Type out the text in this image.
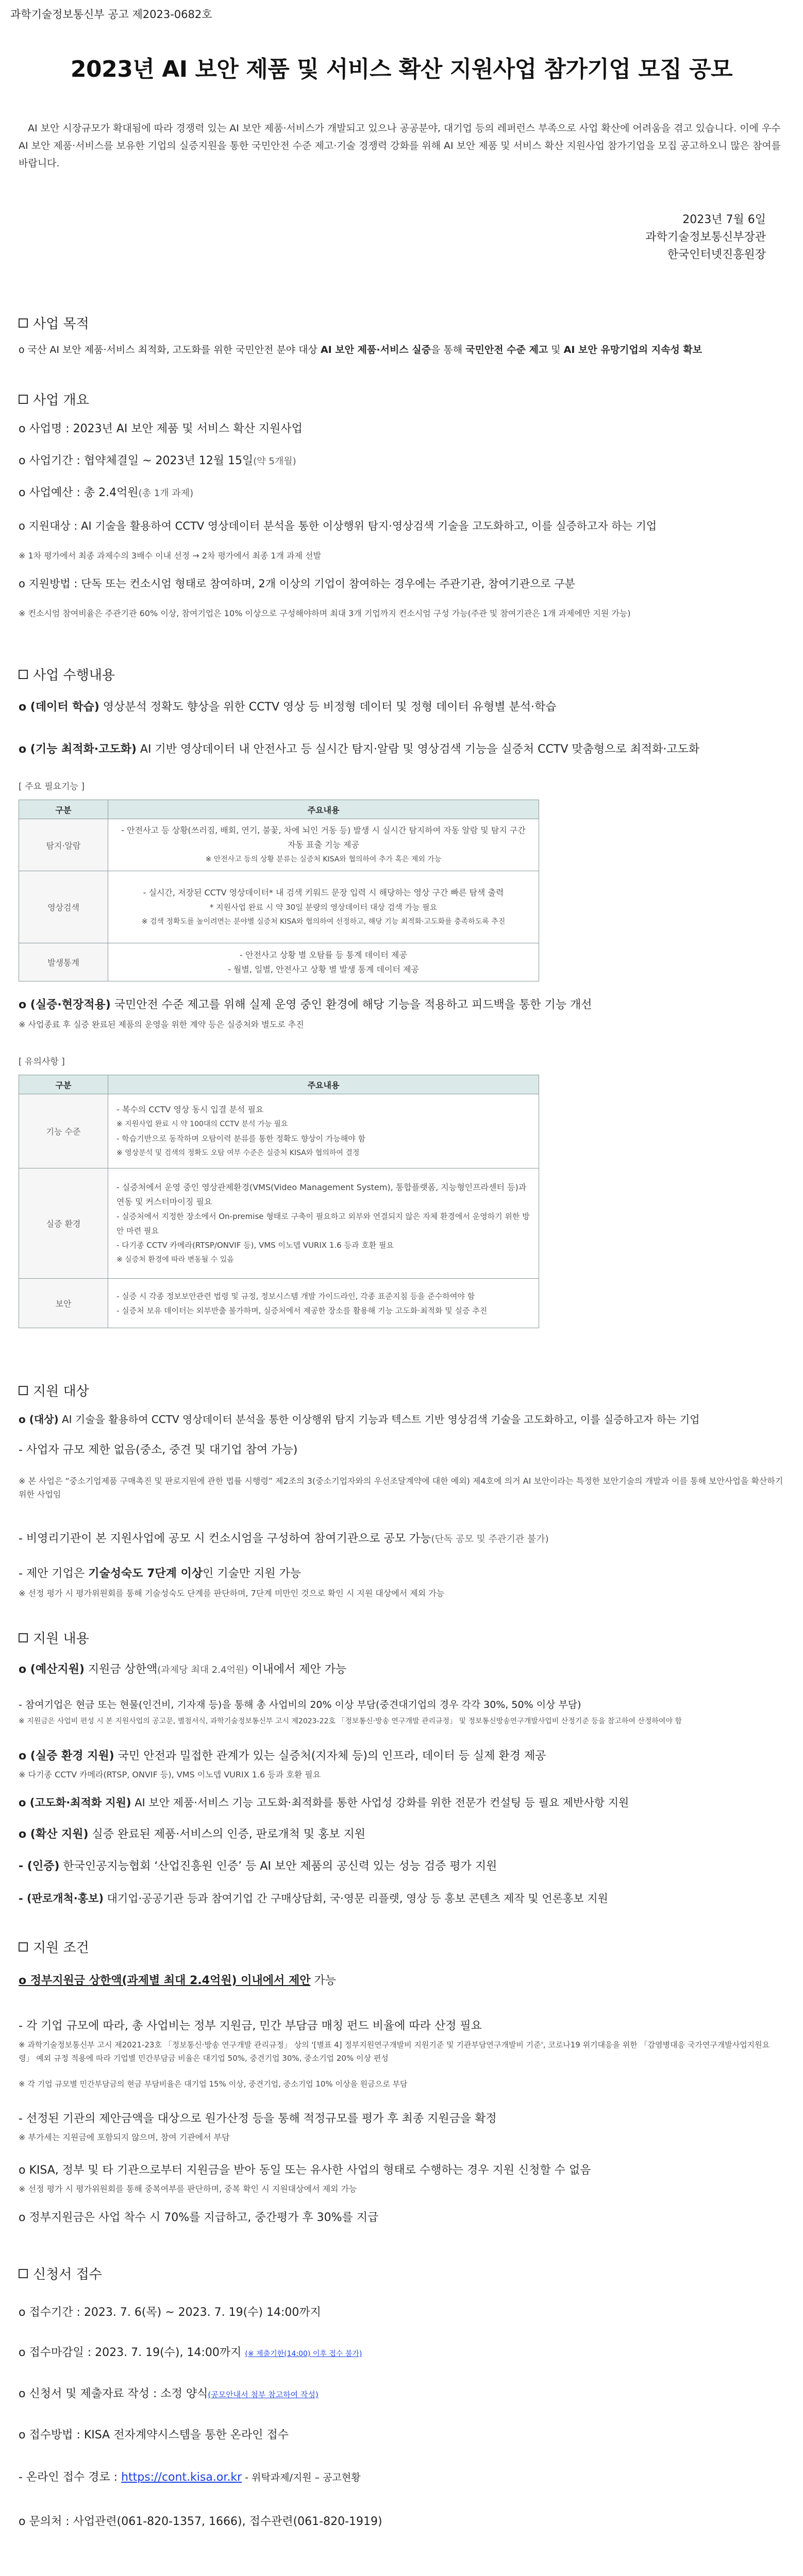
과학기술정보통신부 공고 제2023-0682호
2023년 AI 보안 제품 및 서비스 확산 지원사업 참가기업 모집 공모
AI 보안 시장규모가 확대됨에 따라 경쟁력 있는 AI 보안 제품·서비스가 개발되고 있으나 공공분야, 대기업 등의 레퍼런스 부족으로 사업 확산에 어려움을 겪고 있습니다. 이에 우수 AI 보안 제품·서비스를 보유한 기업의 실증지원을 통한 국민안전 수준 제고·기술 경쟁력 강화를 위해 AI 보안 제품 및 서비스 확산 지원사업 참가기업을 모집 공고하오니 많은 참여를 바랍니다.
2023년 7월 6일
과학기술정보통신부장관
한국인터넷진흥원장
사업 목적
o 국산 AI 보안 제품·서비스 최적화, 고도화를 위한 국민안전 분야 대상 AI 보안 제품·서비스 실증을 통해 국민안전 수준 제고 및 AI 보안 유망기업의 지속성 확보
사업 개요
o 사업명 : 2023년 AI 보안 제품 및 서비스 확산 지원사업
o 사업기간 : 협약체결일 ~ 2023년 12월 15일(약 5개월)
o 사업예산 : 총 2.4억원(총 1개 과제)
o 지원대상 : AI 기술을 활용하여 CCTV 영상데이터 분석을 통한 이상행위 탐지·영상검색 기술을 고도화하고, 이를 실증하고자 하는 기업
※ 1차 평가에서 최종 과제수의 3배수 이내 선정 → 2차 평가에서 최종 1개 과제 선발
o 지원방법 : 단독 또는 컨소시엄 형태로 참여하며, 2개 이상의 기업이 참여하는 경우에는 주관기관, 참여기관으로 구분
※ 컨소시엄 참여비율은 주관기관 60% 이상, 참여기업은 10% 이상으로 구성해야하며 최대 3개 기업까지 컨소시엄 구성 가능(주관 및 참여기관은 1개 과제에만 지원 가능)
사업 수행내용
o (데이터 학습) 영상분석 정확도 향상을 위한 CCTV 영상 등 비정형 데이터 및 정형 데이터 유형별 분석·학습
o (기능 최적화·고도화) AI 기반 영상데이터 내 안전사고 등 실시간 탐지·알람 및 영상검색 기능을 실증처 CCTV 맞춤형으로 최적화·고도화
[ 주요 필요기능 ]
구분	주요내용
탐지·알람	- 안전사고 등 상황(쓰러짐, 배회, 연기, 불꽃, 차에 뇌인 거동 등) 발생 시 실시간 탐지하여 자동 알람 및 탐지 구간 자동 표출 기능 제공
※ 안전사고 등의 상황 분류는 실증처 KISA와 협의하여 추가 혹은 제외 가능

영상검색	- 실시간, 저장된 CCTV 영상데이터* 내 검색 키워드 문장 입력 시 해당하는 영상 구간 빠른 탐색 출력
* 지원사업 완료 시 약 30일 분량의 영상데이터 대상 검색 가능 필요
※ 검색 정확도를 높이려면는 분야별 실증처 KISA와 협의하여 선정하고, 해당 기능 최적화·고도화를 충족하도록 추진

발생통계	- 안전사고 상황 별 오탐률 등 통계 데이터 제공
- 월별, 일별, 안전사고 상황 별 발생 통계 데이터 제공
o (실증·현장적용) 국민안전 수준 제고를 위해 실제 운영 중인 환경에 해당 기능을 적용하고 피드백을 통한 기능 개선
※ 사업종료 후 실증 완료된 제품의 운영을 위한 계약 등은 실증처와 별도로 추진
[ 유의사항 ]
구분	주요내용
기능 수준	- 복수의 CCTV 영상 동시 입결 분석 필요
※ 지원사업 완료 시 약 100대의 CCTV 분석 가능 필요
- 학습기반으로 동작하며 오탐이력 분류를 통한 정확도 향상이 가능해야 함
※ 영상분석 및 검색의 정확도 오탐 여부 수준은 실증처 KISA와 협의하여 결정

실증 환경	- 실증처에서 운영 중인 영상관제환경(VMS(Video Management System), 통합플랫폼, 지능형인프라센터 등)과 연동 및 커스터마이징 필요
- 실증처에서 지정한 장소에서 On-premise 형태로 구축이 필요하고 외부와 연결되지 않은 자체 환경에서 운영하기 위한 방안 마련 필요
- 다기종 CCTV 카메라(RTSP/ONVIF 등), VMS 이노뎁 VURIX 1.6 등과 호환 필요
※ 실증처 환경에 따라 변동될 수 있음

보안	- 실증 시 각종 정보보안관련 법령 및 규정, 정보시스템 개발 가이드라인, 각종 표준지침 등을 준수하여야 함
- 실증처 보유 데이터는 외부반출 불가하며, 실증처에서 제공한 장소를 활용해 기능 고도화·최적화 및 실증 추진
지원 대상
o (대상) AI 기술을 활용하여 CCTV 영상데이터 분석을 통한 이상행위 탐지 기능과 텍스트 기반 영상검색 기술을 고도화하고, 이를 실증하고자 하는 기업
- 사업자 규모 제한 없음(중소, 중견 및 대기업 참여 가능)
※ 본 사업은 “중소기업제품 구매촉진 및 판로지원에 관한 법률 시행령” 제2조의 3(중소기업자와의 우선조달계약에 대한 예외) 제4호에 의거 AI 보안이라는 특정한 보안기술의 개발과 이를 통해 보안사업을 확산하기 위한 사업임
- 비영리기관이 본 지원사업에 공모 시 컨소시엄을 구성하여 참여기관으로 공모 가능(단독 공모 및 주관기관 불가)
- 제안 기업은 기술성숙도 7단계 이상인 기술만 지원 가능
※ 선정 평가 시 평가위원회를 통해 기술성숙도 단계를 판단하며, 7단계 미만인 것으로 확인 시 지원 대상에서 제외 가능
지원 내용
o (예산지원) 지원금 상한액(과제당 최대 2.4억원) 이내에서 제안 가능
- 참여기업은 현금 또는 현물(인건비, 기자재 등)을 통해 총 사업비의 20% 이상 부담(중견대기업의 경우 각각 30%, 50% 이상 부담)
※ 지원금은 사업비 편성 시 본 지원사업의 공고문, 별첨서식, 과학기술정보통신부 고시 제2023-22호 「정보통신·방송 연구개발 관리규정」 및 정보통신방송연구개발사업비 산정기준 등을 참고하여 산정하여야 함
o (실증 환경 지원) 국민 안전과 밀접한 관계가 있는 실증처(지자체 등)의 인프라, 데이터 등 실제 환경 제공
※ 다기종 CCTV 카메라(RTSP, ONVIF 등), VMS 이노뎁 VURIX 1.6 등과 호환 필요
o (고도화·최적화 지원) AI 보안 제품·서비스 기능 고도화·최적화를 통한 사업성 강화를 위한 전문가 컨설팅 등 필요 제반사항 지원
o (확산 지원) 실증 완료된 제품·서비스의 인증, 판로개척 및 홍보 지원
- (인증) 한국인공지능협회 ‘산업진흥원 인증’ 등 AI 보안 제품의 공신력 있는 성능 검증 평가 지원
- (판로개척·홍보) 대기업·공공기관 등과 참여기업 간 구매상담회, 국·영문 리플렛, 영상 등 홍보 콘텐츠 제작 및 언론홍보 지원
지원 조건
o 정부지원금 상한액(과제별 최대 2.4억원) 이내에서 제안 가능
- 각 기업 규모에 따라, 총 사업비는 정부 지원금, 민간 부담금 매칭 펀드 비율에 따라 산정 필요
※ 과학기술정보통신부 고시 제2021-23호 「정보통신·방송 연구개발 관리규정」 상의 '[별표 4] 정부지원연구개발비 지원기준 및 기관부담연구개발비 기준', 코로나19 위기대응을 위한 「감염병대응 국가연구개발사업지원요령」 예외 규정 적용에 따라 기업별 민간부담금 비율은 대기업 50%, 중견기업 30%, 중소기업 20% 이상 편성
※ 각 기업 규모별 민간부담금의 현금 부담비율은 대기업 15% 이상, 중견기업, 중소기업 10% 이상을 원금으로 부담
- 선정된 기관의 제안금액을 대상으로 원가산정 등을 통해 적정규모를 평가 후 최종 지원금을 확정
※ 부가세는 지원금에 포함되지 않으며, 참여 기관에서 부담
o KISA, 정부 및 타 기관으로부터 지원금을 받아 동일 또는 유사한 사업의 형태로 수행하는 경우 지원 신청할 수 없음
※ 선정 평가 시 평가위원회를 통해 중복여부를 판단하며, 중복 확인 시 지원대상에서 제외 가능
o 정부지원금은 사업 착수 시 70%를 지급하고, 중간평가 후 30%를 지급
신청서 접수
o 접수기간 : 2023. 7. 6(목) ~ 2023. 7. 19(수) 14:00까지
o 접수마감일 : 2023. 7. 19(수), 14:00까지 (※ 제출기한(14:00) 이후 접수 불가)
o 신청서 및 제출자료 작성 : 소정 양식(공모안내서 첨부 참고하여 작성)
o 접수방법 : KISA 전자계약시스템을 통한 온라인 접수
- 온라인 접수 경로 : https://cont.kisa.or.kr - 위탁과제/지원 – 공고현황
o 문의처 : 사업관련(061-820-1357, 1666), 접수관련(061-820-1919)
